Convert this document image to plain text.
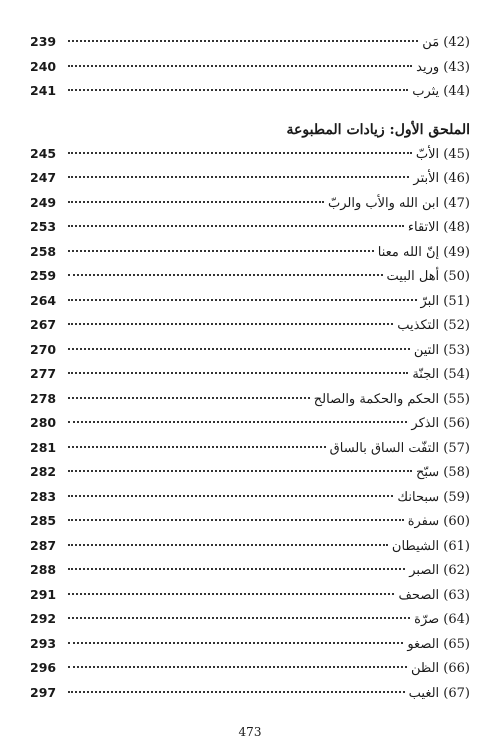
239	(42) مَن
240	(43) وريد
241	(44) يثرب
الملحق الأول: زيادات المطبوعة
245	(45) الأبّ
247	(46) الأبتر
249	(47) ابن الله والأب والربّ
253	(48) الاتقاء
258	(49) إنّ الله معنا
259	(50) أهل البيت
264	(51) البرّ
267	(52) التكذيب
270	(53) التين
277	(54) الجنّة
278	(55) الحكم والحكمة والصالح
280	(56) الذكر
281	(57) التفّت الساق بالساق
282	(58) سبّح
283	(59) سبحانك
285	(60) سفرة
287	(61) الشيطان
288	(62) الصبر
291	(63) الصحف
292	(64) صرّة
293	(65) الصغو
296	(66) الظن
297	(67) الغيب
473
